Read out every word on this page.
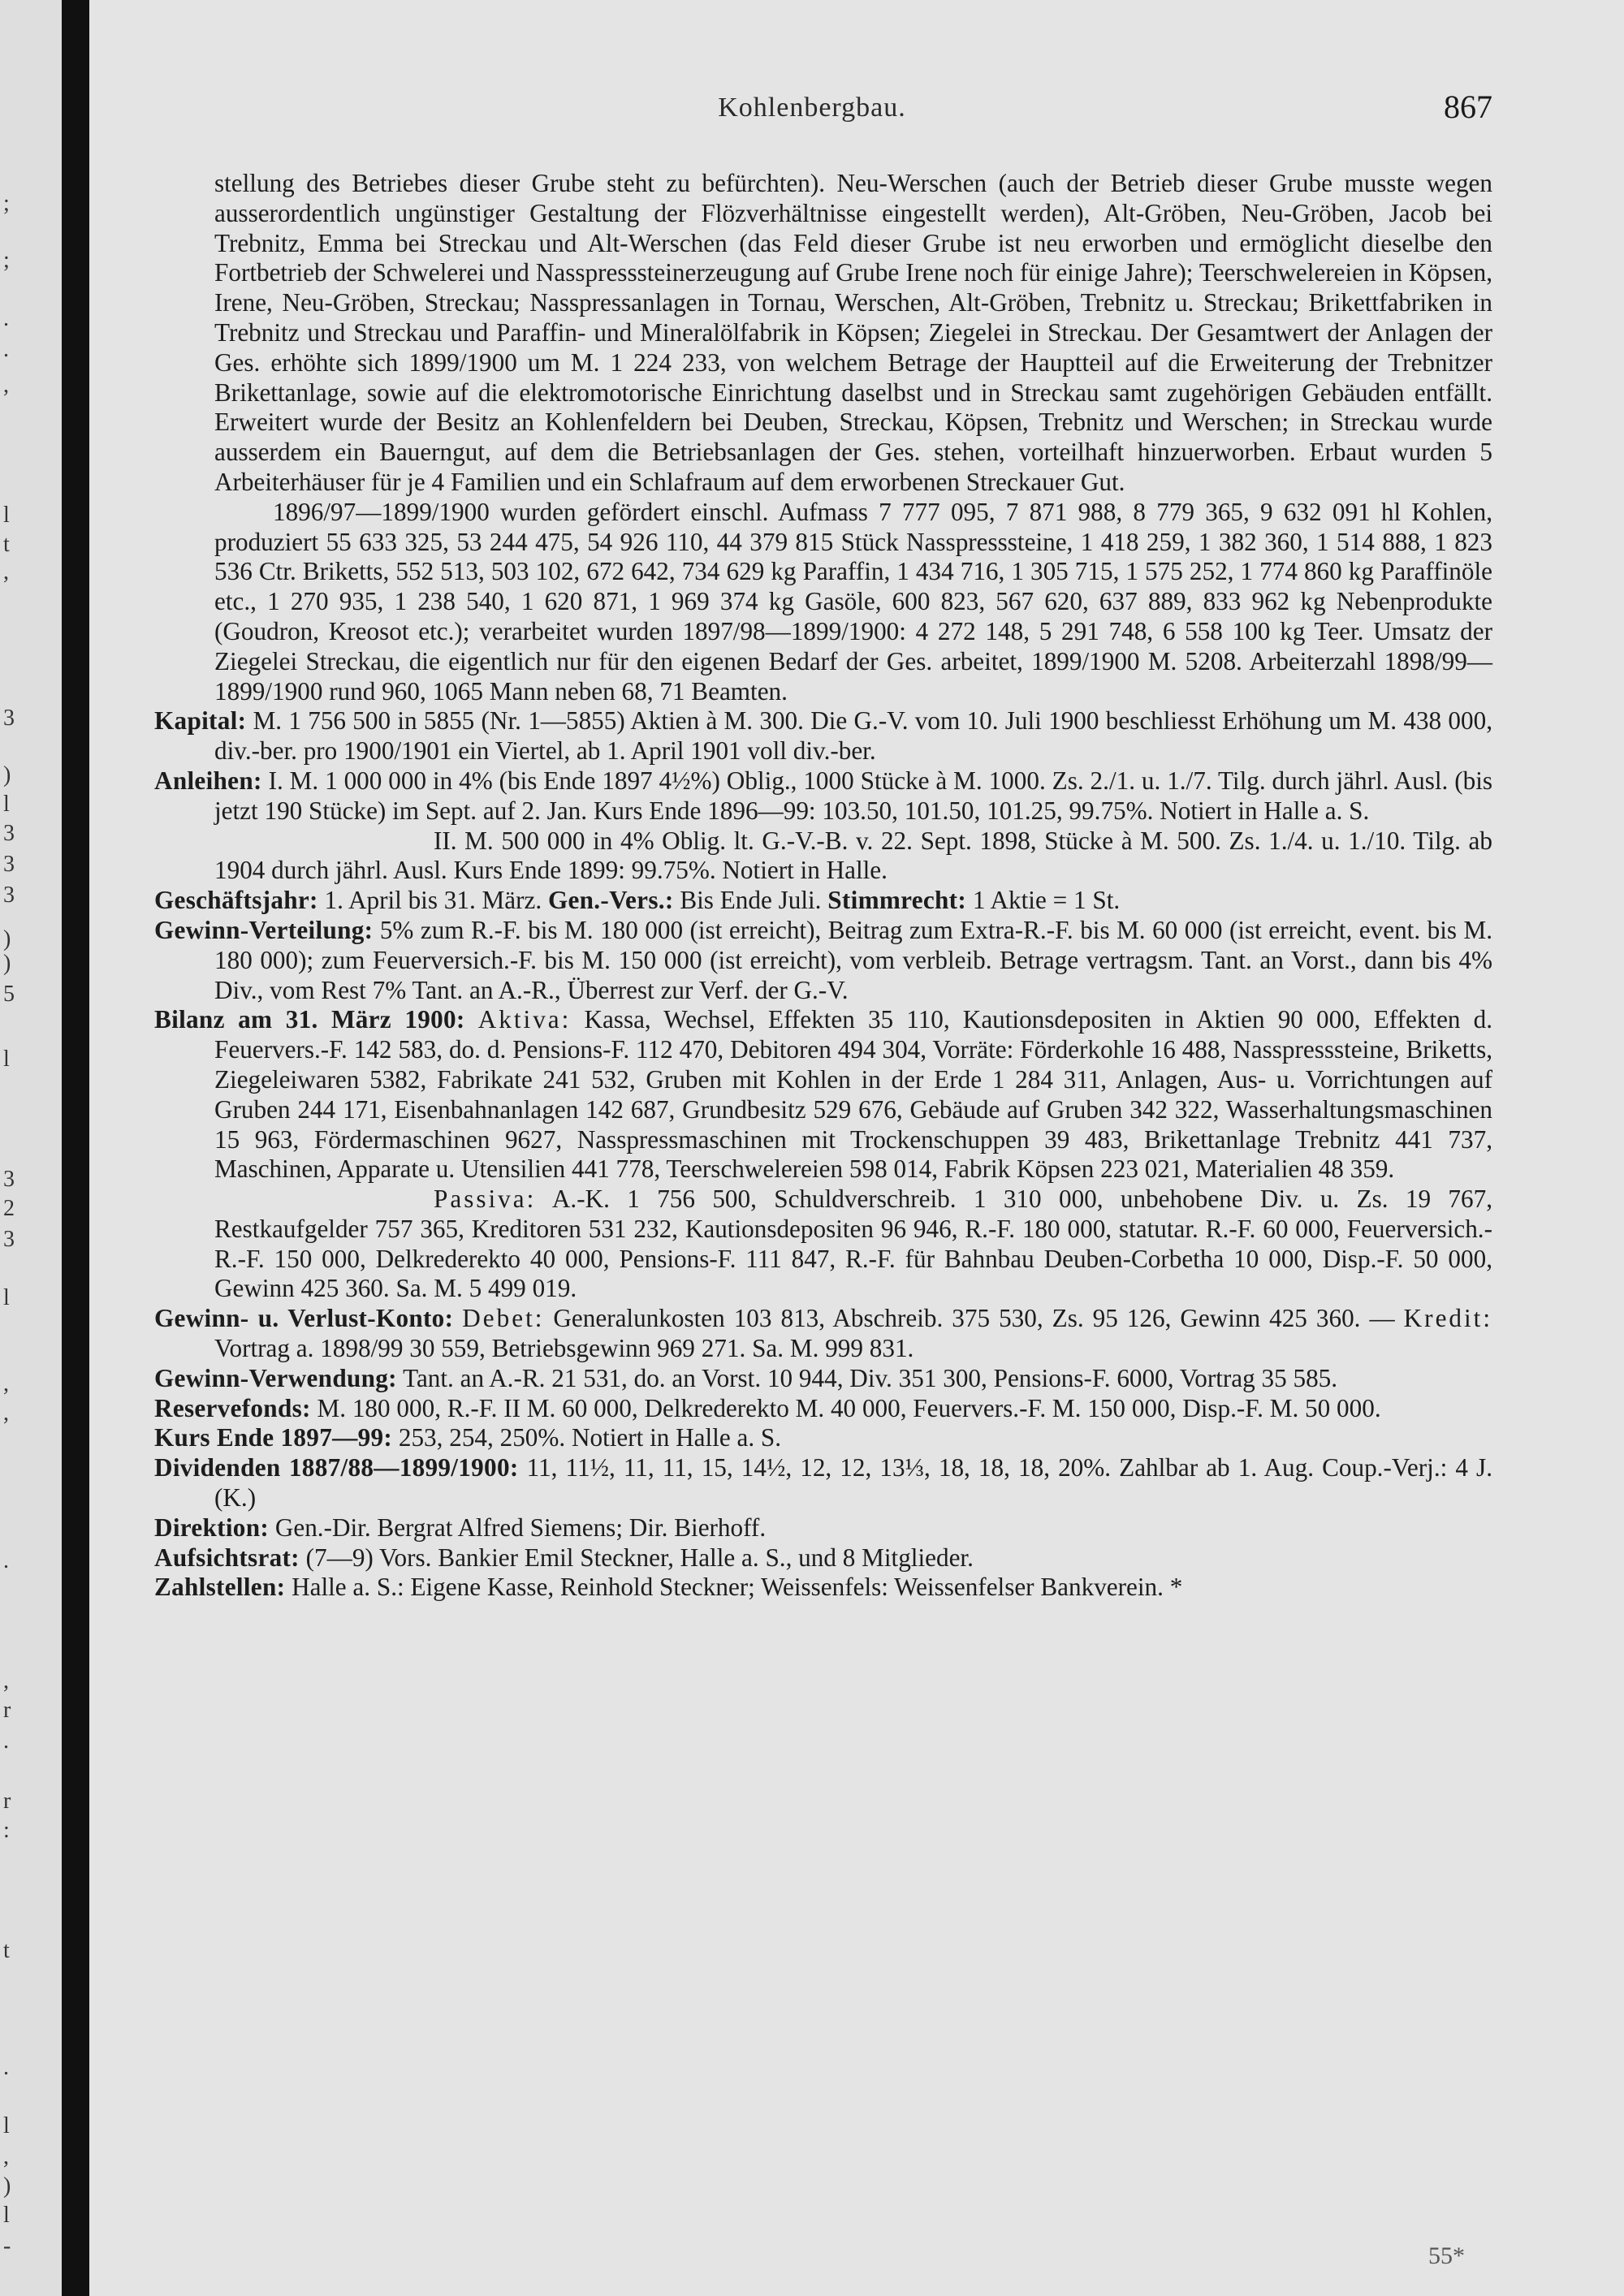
;
;
.
.
,
l
t
,
3
)
l
3
3
3
)
)
5
l
3
2
3
l
,
,
.
,
r
.
r
:
t
.
l
,
)
l
-
Kohlenbergbau.	867

stellung des Betriebes dieser Grube steht zu befürchten). Neu-Werschen (auch der Betrieb dieser Grube musste wegen ausserordentlich ungünstiger Gestaltung der Flözverhältnisse eingestellt werden), Alt-Gröben, Neu-Gröben, Jacob bei Trebnitz, Emma bei Streckau und Alt-Werschen (das Feld dieser Grube ist neu erworben und ermöglicht dieselbe den Fortbetrieb der Schwelerei und Nasspresssteinerzeugung auf Grube Irene noch für einige Jahre); Teerschwelereien in Köpsen, Irene, Neu-Gröben, Streckau; Nasspressanlagen in Tornau, Werschen, Alt-Gröben, Trebnitz u. Streckau; Brikettfabriken in Trebnitz und Streckau und Paraffin- und Mineralölfabrik in Köpsen; Ziegelei in Streckau. Der Gesamtwert der Anlagen der Ges. erhöhte sich 1899/1900 um M. 1 224 233, von welchem Betrage der Hauptteil auf die Erweiterung der Trebnitzer Brikettanlage, sowie auf die elektromotorische Einrichtung daselbst und in Streckau samt zugehörigen Gebäuden entfällt. Erweitert wurde der Besitz an Kohlenfeldern bei Deuben, Streckau, Köpsen, Trebnitz und Werschen; in Streckau wurde ausserdem ein Bauerngut, auf dem die Betriebsanlagen der Ges. stehen, vorteilhaft hinzuerworben. Erbaut wurden 5 Arbeiterhäuser für je 4 Familien und ein Schlafraum auf dem erworbenen Streckauer Gut.

1896/97—1899/1900 wurden gefördert einschl. Aufmass 7 777 095, 7 871 988, 8 779 365, 9 632 091 hl Kohlen, produziert 55 633 325, 53 244 475, 54 926 110, 44 379 815 Stück Nasspresssteine, 1 418 259, 1 382 360, 1 514 888, 1 823 536 Ctr. Briketts, 552 513, 503 102, 672 642, 734 629 kg Paraffin, 1 434 716, 1 305 715, 1 575 252, 1 774 860 kg Paraffinöle etc., 1 270 935, 1 238 540, 1 620 871, 1 969 374 kg Gasöle, 600 823, 567 620, 637 889, 833 962 kg Nebenprodukte (Goudron, Kreosot etc.); verarbeitet wurden 1897/98—1899/1900: 4 272 148, 5 291 748, 6 558 100 kg Teer. Umsatz der Ziegelei Streckau, die eigentlich nur für den eigenen Bedarf der Ges. arbeitet, 1899/1900 M. 5208. Arbeiterzahl 1898/99—1899/1900 rund 960, 1065 Mann neben 68, 71 Beamten.

Kapital: M. 1 756 500 in 5855 (Nr. 1—5855) Aktien à M. 300. Die G.-V. vom 10. Juli 1900 beschliesst Erhöhung um M. 438 000, div.-ber. pro 1900/1901 ein Viertel, ab 1. April 1901 voll div.-ber.

Anleihen: I. M. 1 000 000 in 4% (bis Ende 1897 4½%) Oblig., 1000 Stücke à M. 1000. Zs. 2./1. u. 1./7. Tilg. durch jährl. Ausl. (bis jetzt 190 Stücke) im Sept. auf 2. Jan. Kurs Ende 1896—99: 103.50, 101.50, 101.25, 99.75%. Notiert in Halle a. S.

II. M. 500 000 in 4% Oblig. lt. G.-V.-B. v. 22. Sept. 1898, Stücke à M. 500. Zs. 1./4. u. 1./10. Tilg. ab 1904 durch jährl. Ausl. Kurs Ende 1899: 99.75%. Notiert in Halle.

Geschäftsjahr: 1. April bis 31. März. Gen.-Vers.: Bis Ende Juli. Stimmrecht: 1 Aktie = 1 St.

Gewinn-Verteilung: 5% zum R.-F. bis M. 180 000 (ist erreicht), Beitrag zum Extra-R.-F. bis M. 60 000 (ist erreicht, event. bis M. 180 000); zum Feuerversich.-F. bis M. 150 000 (ist erreicht), vom verbleib. Betrage vertragsm. Tant. an Vorst., dann bis 4% Div., vom Rest 7% Tant. an A.-R., Überrest zur Verf. der G.-V.

Bilanz am 31. März 1900: Aktiva: Kassa, Wechsel, Effekten 35 110, Kautionsdepositen in Aktien 90 000, Effekten d. Feuervers.-F. 142 583, do. d. Pensions-F. 112 470, Debitoren 494 304, Vorräte: Förderkohle 16 488, Nasspresssteine, Briketts, Ziegeleiwaren 5382, Fabrikate 241 532, Gruben mit Kohlen in der Erde 1 284 311, Anlagen, Aus- u. Vorrichtungen auf Gruben 244 171, Eisenbahnanlagen 142 687, Grundbesitz 529 676, Gebäude auf Gruben 342 322, Wasserhaltungsmaschinen 15 963, Fördermaschinen 9627, Nasspressmaschinen mit Trockenschuppen 39 483, Brikettanlage Trebnitz 441 737, Maschinen, Apparate u. Utensilien 441 778, Teerschwelereien 598 014, Fabrik Köpsen 223 021, Materialien 48 359.

Passiva: A.-K. 1 756 500, Schuldverschreib. 1 310 000, unbehobene Div. u. Zs. 19 767, Restkaufgelder 757 365, Kreditoren 531 232, Kautionsdepositen 96 946, R.-F. 180 000, statutar. R.-F. 60 000, Feuerversich.-R.-F. 150 000, Delkrederekto 40 000, Pensions-F. 111 847, R.-F. für Bahnbau Deuben-Corbetha 10 000, Disp.-F. 50 000, Gewinn 425 360. Sa. M. 5 499 019.

Gewinn- u. Verlust-Konto: Debet: Generalunkosten 103 813, Abschreib. 375 530, Zs. 95 126, Gewinn 425 360. — Kredit: Vortrag a. 1898/99 30 559, Betriebsgewinn 969 271. Sa. M. 999 831.

Gewinn-Verwendung: Tant. an A.-R. 21 531, do. an Vorst. 10 944, Div. 351 300, Pensions-F. 6000, Vortrag 35 585.

Reservefonds: M. 180 000, R.-F. II M. 60 000, Delkrederekto M. 40 000, Feuervers.-F. M. 150 000, Disp.-F. M. 50 000.

Kurs Ende 1897—99: 253, 254, 250%. Notiert in Halle a. S.

Dividenden 1887/88—1899/1900: 11, 11½, 11, 11, 15, 14½, 12, 12, 13⅓, 18, 18, 18, 20%. Zahlbar ab 1. Aug. Coup.-Verj.: 4 J. (K.)

Direktion: Gen.-Dir. Bergrat Alfred Siemens; Dir. Bierhoff.

Aufsichtsrat: (7—9) Vors. Bankier Emil Steckner, Halle a. S., und 8 Mitglieder.

Zahlstellen: Halle a. S.: Eigene Kasse, Reinhold Steckner; Weissenfels: Weissenfelser Bankverein. *

55*
